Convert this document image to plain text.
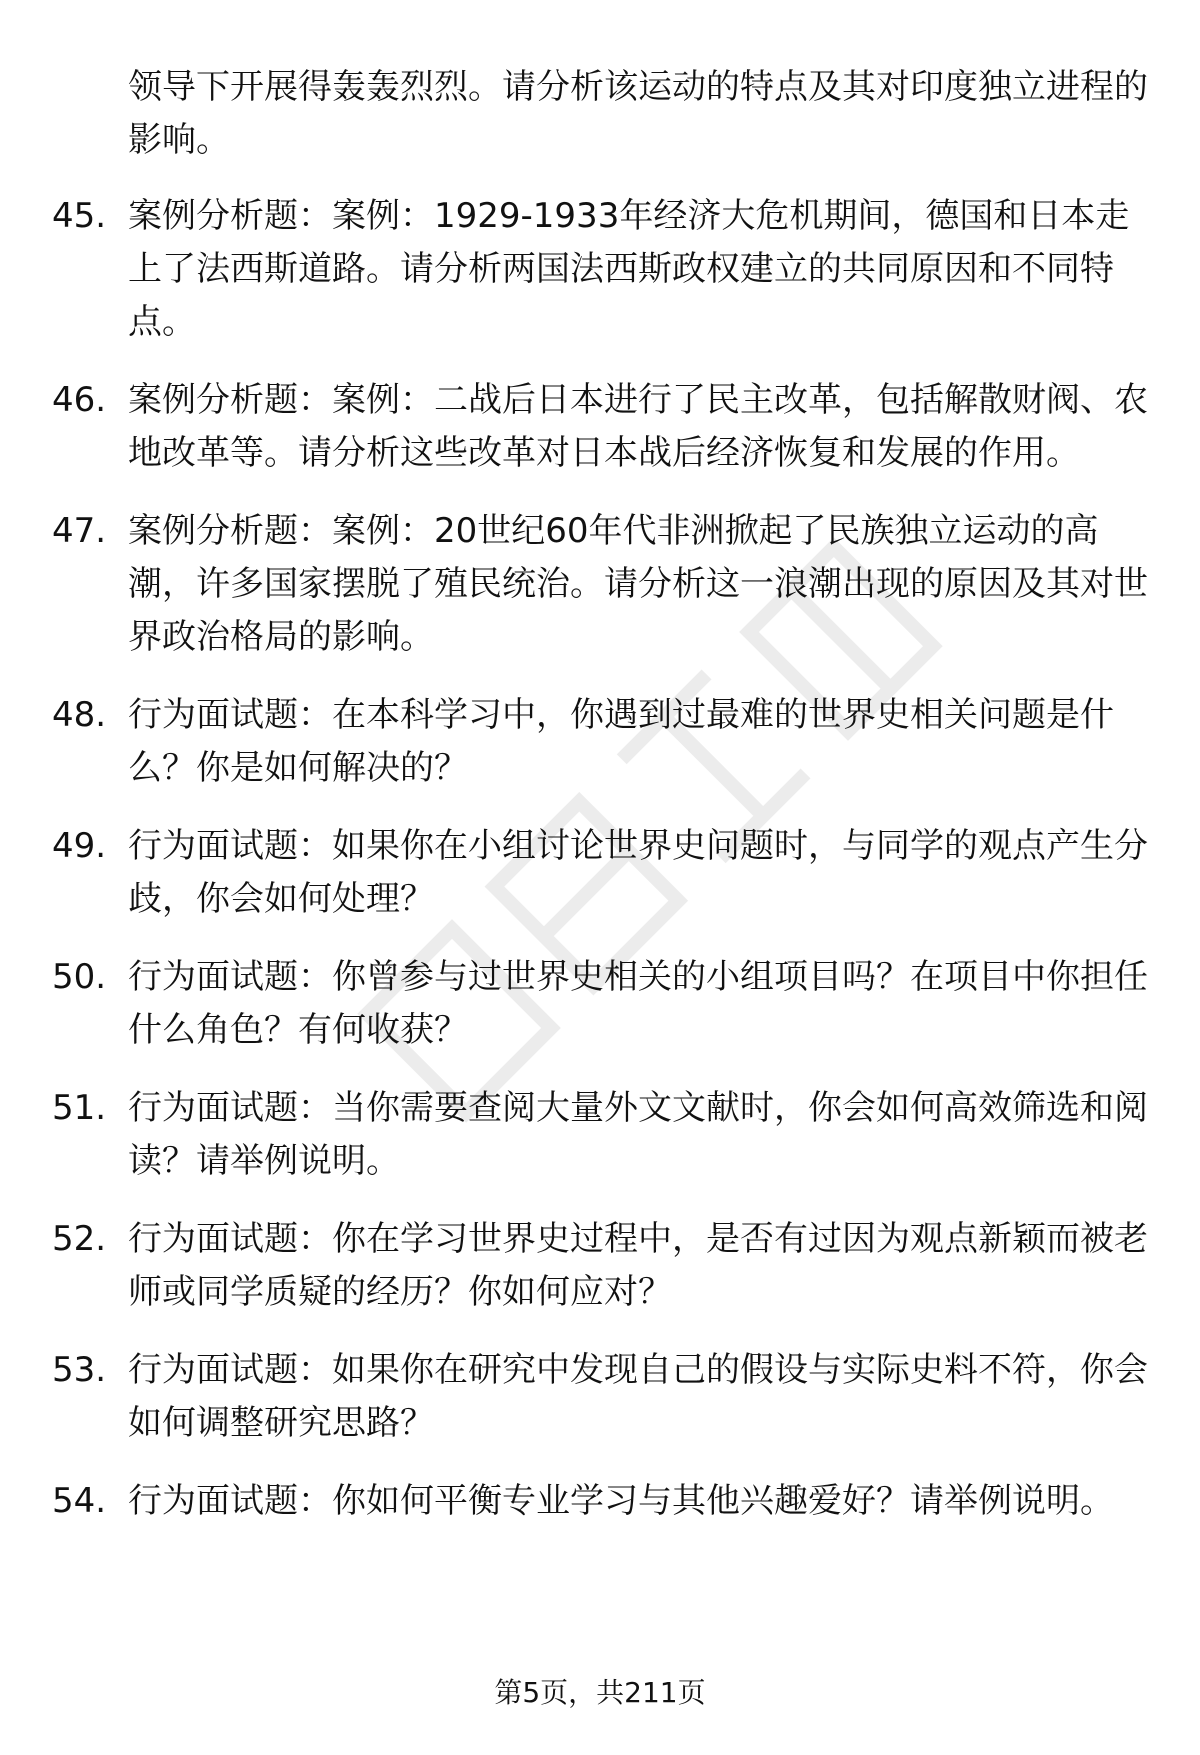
领导下开展得轰轰烈烈。请分析该运动的特点及其对印度独立进程的影响。
45. 案例分析题：案例：1929-1933年经济大危机期间，德国和日本走上了法西斯道路。请分析两国法西斯政权建立的共同原因和不同特点。
46. 案例分析题：案例：二战后日本进行了民主改革，包括解散财阀、农地改革等。请分析这些改革对日本战后经济恢复和发展的作用。
47. 案例分析题：案例：20世纪60年代非洲掀起了民族独立运动的高潮，许多国家摆脱了殖民统治。请分析这一浪潮出现的原因及其对世界政治格局的影响。
48. 行为面试题：在本科学习中，你遇到过最难的世界史相关问题是什么？你是如何解决的？
49. 行为面试题：如果你在小组讨论世界史问题时，与同学的观点产生分歧，你会如何处理？
50. 行为面试题：你曾参与过世界史相关的小组项目吗？在项目中你担任什么角色？有何收获？
51. 行为面试题：当你需要查阅大量外文文献时，你会如何高效筛选和阅读？请举例说明。
52. 行为面试题：你在学习世界史过程中，是否有过因为观点新颖而被老师或同学质疑的经历？你如何应对？
53. 行为面试题：如果你在研究中发现自己的假设与实际史料不符，你会如何调整研究思路？
54. 行为面试题：你如何平衡专业学习与其他兴趣爱好？请举例说明。
第5页，共211页
